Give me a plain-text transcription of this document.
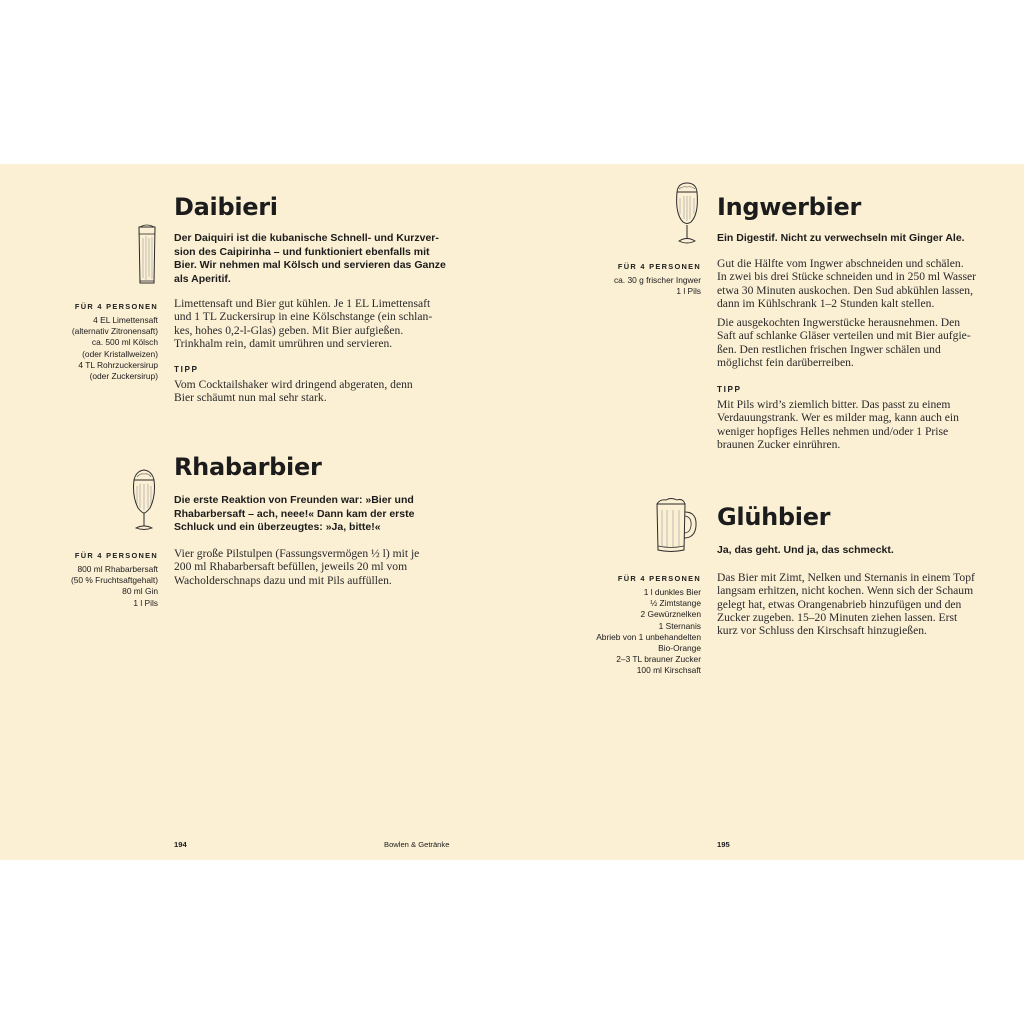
Daibieri
Der Daiquiri ist die kubanische Schnell- und Kurzver-
sion des Caipirinha – und funktioniert ebenfalls mit
Bier. Wir nehmen mal Kölsch und servieren das Ganze
als Aperitif.
FÜR 4 PERSONEN
4 EL Limettensaft
(alternativ Zitronensaft)
ca. 500 ml Kölsch
(oder Kristallweizen)
4 TL Rohrzuckersirup
(oder Zuckersirup)

Limettensaft und Bier gut kühlen. Je 1 EL Limettensaft
und 1 TL Zuckersirup in eine Kölschstange (ein schlan-
kes, hohes 0,2-l-Glas) geben. Mit Bier aufgießen.
Trinkhalm rein, damit umrühren und servieren.

TIPP
Vom Cocktailshaker wird dringend abgeraten, denn
Bier schäumt nun mal sehr stark.
Rhabarbier
Die erste Reaktion von Freunden war: »Bier und
Rhabarbersaft – ach, neee!« Dann kam der erste
Schluck und ein überzeugtes: »Ja, bitte!«
FÜR 4 PERSONEN
800 ml Rhabarbersaft
(50 % Fruchtsaftgehalt)
80 ml Gin
1 l Pils

Vier große Pilstulpen (Fassungsvermögen ½ l) mit je
200 ml Rhabarbersaft befüllen, jeweils 20 ml vom
Wacholderschnaps dazu und mit Pils auffüllen.

194	Bowlen & Getränke
Ingwerbier
Ein Digestif. Nicht zu verwechseln mit Ginger Ale.
FÜR 4 PERSONEN
ca. 30 g frischer Ingwer
1 l Pils

Gut die Hälfte vom Ingwer abschneiden und schälen.
In zwei bis drei Stücke schneiden und in 250 ml Wasser
etwa 30 Minuten auskochen. Den Sud abkühlen lassen,
dann im Kühlschrank 1–2 Stunden kalt stellen.

Die ausgekochten Ingwerstücke herausnehmen. Den
Saft auf schlanke Gläser verteilen und mit Bier aufgie-
ßen. Den restlichen frischen Ingwer schälen und
möglichst fein darüberreiben.

TIPP
Mit Pils wird’s ziemlich bitter. Das passt zu einem
Verdauungstrank. Wer es milder mag, kann auch ein
weniger hopfiges Helles nehmen und/oder 1 Prise
braunen Zucker einrühren.
Glühbier
Ja, das geht. Und ja, das schmeckt.
FÜR 4 PERSONEN
1 l dunkles Bier
½ Zimtstange
2 Gewürznelken
1 Sternanis
Abrieb von 1 unbehandelten
Bio-Orange
2–3 TL brauner Zucker
100 ml Kirschsaft

Das Bier mit Zimt, Nelken und Sternanis in einem Topf
langsam erhitzen, nicht kochen. Wenn sich der Schaum
gelegt hat, etwas Orangenabrieb hinzufügen und den
Zucker zugeben. 15–20 Minuten ziehen lassen. Erst
kurz vor Schluss den Kirschsaft hinzugießen.

195
